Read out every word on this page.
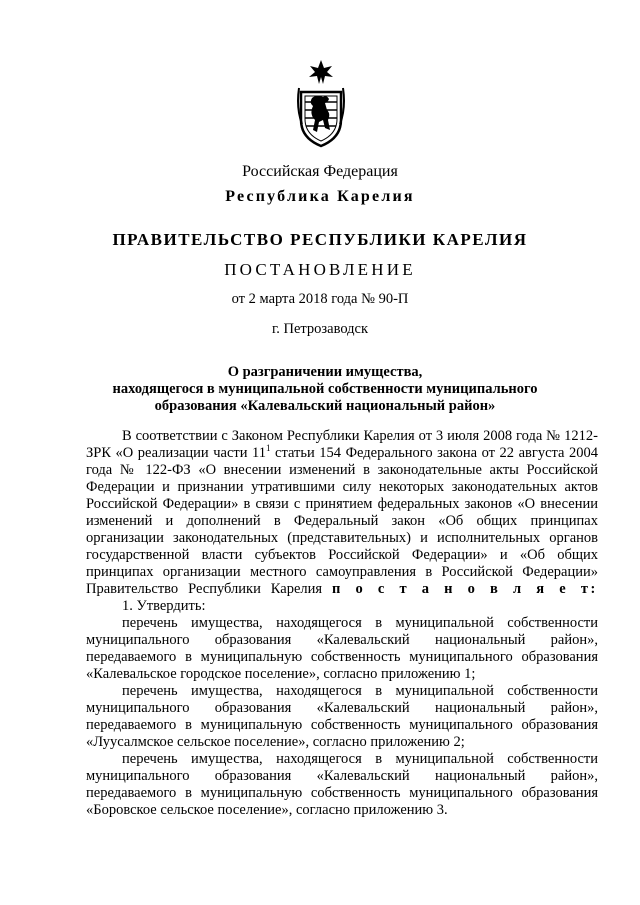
Российская Федерация
Республика Карелия
ПРАВИТЕЛЬСТВО РЕСПУБЛИКИ КАРЕЛИЯ
ПОСТАНОВЛЕНИЕ
от 2 марта 2018 года № 90-П
г. Петрозаводск
О разграничении имущества,
находящегося в муниципальной собственности муниципального
образования «Калевальский национальный район»

В соответствии с Законом Республики Карелия от 3 июля 2008 года № 1212-ЗРК «О реализации части $11^1$ статьи 154 Федерального закона от 22 августа 2004 года № 122-ФЗ «О внесении изменений в законодательные акты Российской Федерации и признании утратившими силу некоторых законодательных актов Российской Федерации» в связи с принятием федеральных законов «О внесении изменений и дополнений в Федеральный закон «Об общих принципах организации законодательных (представительных) и исполнительных органов государственной власти субъектов Российской Федерации» и «Об общих принципах организации местного самоуправления в Российской Федерации» Правительство Республики Карелия п о с т а н о в л я е т:

1. Утвердить:

перечень имущества, находящегося в муниципальной собственности муниципального образования «Калевальский национальный район», передаваемого в муниципальную собственность муниципального образования «Калевальское городское поселение», согласно приложению 1;

перечень имущества, находящегося в муниципальной собственности муниципального образования «Калевальский национальный район», передаваемого в муниципальную собственность муниципального образования «Луусалмское сельское поселение», согласно приложению 2;

перечень имущества, находящегося в муниципальной собственности муниципального образования «Калевальский национальный район», передаваемого в муниципальную собственность муниципального образования «Боровское сельское поселение», согласно приложению 3.
